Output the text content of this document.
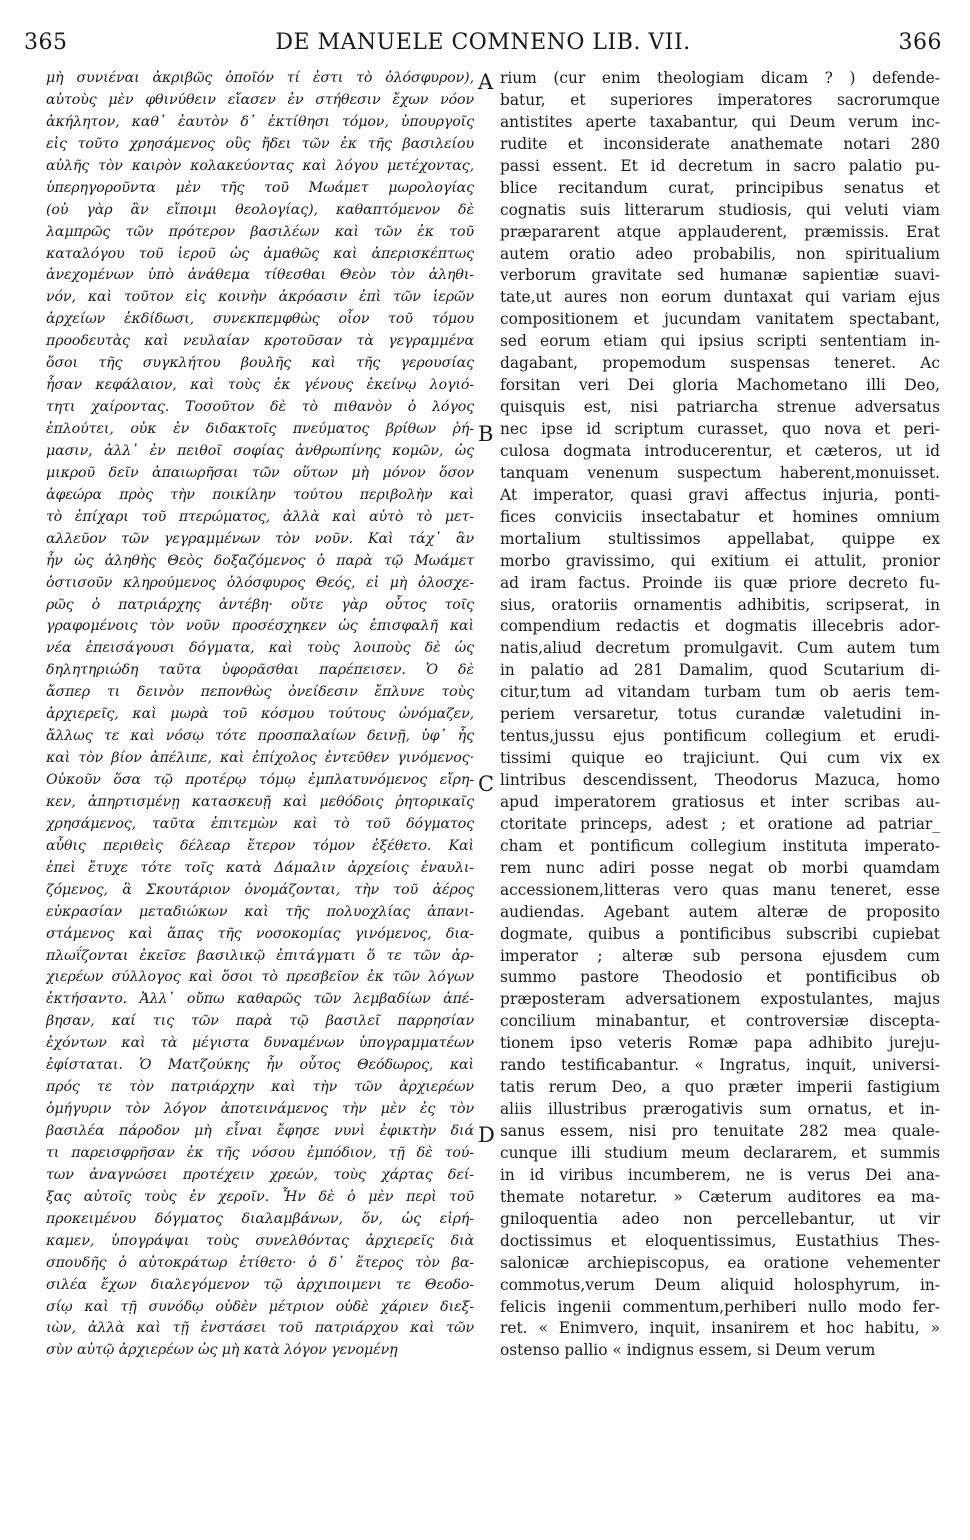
365	DE MANUELE COMNENO LIB. VII.	366
μὴ συνιέναι ἀκριβῶς ὁποῖόν τί ἐστι τὸ ὁλόσφυρον),
αὐτοὺς μὲν φθινύθειν εἴασεν ἐν στήθεσιν ἔχων νόον
ἀκήλητον, καθ᾽ ἑαυτὸν δ᾽ ἐκτίθησι τόμον, ὑπουργοῖς
εἰς τοῦτο χρησάμενος οὓς ἤδει τῶν ἐκ τῆς βασιλείου
αὐλῆς τὸν καιρὸν κολακεύοντας καὶ λόγου μετέχοντας,
ὑπερηγοροῦντα μὲν τῆς τοῦ Μωάμετ μωρολογίας
(οὐ γὰρ ἂν εἴποιμι θεολογίας), καθαπτόμενον δὲ
λαμπρῶς τῶν πρότερον βασιλέων καὶ τῶν ἐκ τοῦ
καταλόγου τοῦ ἱεροῦ ὡς ἀμαθῶς καὶ ἀπερισκέπτως
ἀνεχομένων ὑπὸ ἀνάθεμα τίθεσθαι Θεὸν τὸν ἀληθι-
νόν, καὶ τοῦτον εἰς κοινὴν ἀκρόασιν ἐπὶ τῶν ἱερῶν
ἀρχείων ἐκδίδωσι, συνεκπεμφθὼς οἷον τοῦ τόμου
προοδευτὰς καὶ νευλαίαν κροτοῦσαν τὰ γεγραμμένα
ὅσοι τῆς συγκλήτου βουλῆς καὶ τῆς γερουσίας
ἦσαν κεφάλαιον, καὶ τοὺς ἐκ γένους ἐκείνῳ λογιό-
τητι χαίροντας. Τοσοῦτον δὲ τὸ πιθανὸν ὁ λόγος
ἐπλούτει, οὐκ ἐν διδακτοῖς πνεύματος βρίθων ῥή-
μασιν, ἀλλ᾽ ἐν πειθοῖ σοφίας ἀνθρωπίνης κομῶν, ὡς
μικροῦ δεῖν ἀπαιωρῆσαι τῶν οὕτων μὴ μόνον ὅσον
ἀφεώρα πρὸς τὴν ποικίλην τούτου περιβολὴν καὶ
τὸ ἐπίχαρι τοῦ πτερώματος, ἀλλὰ καὶ αὐτὸ τὸ μετ-
αλλεῦον τῶν γεγραμμένων τὸν νοῦν. Καὶ τάχ᾽ ἂν
ἦν ὡς ἀληθὴς Θεὸς δοξαζόμενος ὁ παρὰ τῷ Μωάμετ
ὁστισοῦν κληρούμενος ὁλόσφυρος Θεός, εἰ μὴ ὁλοσχε-
ρῶς ὁ πατριάρχης ἀντέβη· οὔτε γὰρ οὗτος τοῖς
γραφομένοις τὸν νοῦν προσέσχηκεν ὡς ἐπισφαλῆ καὶ
νέα ἐπεισάγουσι δόγματα, καὶ τοὺς λοιποὺς δὲ ὡς
δηλητηριώδη ταῦτα ὑφορᾶσθαι παρέπεισεν. Ὁ δὲ
ἄσπερ τι δεινὸν πεπονθὼς ὀνείδεσιν ἔπλυνε τοὺς
ἀρχιερεῖς, καὶ μωρὰ τοῦ κόσμου τούτους ὠνόμαζεν,
ἄλλως τε καὶ νόσῳ τότε προσπαλαίων δεινῇ, ὑφ᾽ ἧς
καὶ τὸν βίον ἀπέλιπε, καὶ ἐπίχολος ἐντεῦθεν γινόμενος·
Οὐκοῦν ὅσα τῷ προτέρῳ τόμῳ ἐμπλατυνόμενος εἴρη-
κεν, ἀπηρτισμένῃ κατασκευῇ καὶ μεθόδοις ῥητορικαῖς
χρησάμενος, ταῦτα ἐπιτεμὼν καὶ τὸ τοῦ δόγματος
αὖθις περιθεὶς δέλεαρ ἕτερον τόμον ἐξέθετο. Καὶ
ἐπεὶ ἔτυχε τότε τοῖς κατὰ Δάμαλιν ἀρχείοις ἐναυλι-
ζόμενος, ἃ Σκουτάριον ὀνομάζονται, τὴν τοῦ ἀέρος
εὐκρασίαν μεταδιώκων καὶ τῆς πολυοχλίας ἀπανι-
στάμενος καὶ ἅπας τῆς νοσοκομίας γινόμενος, δια-
πλωΐζονται ἐκεῖσε βασιλικῷ ἐπιτάγματι ὅ τε τῶν ἀρ-
χιερέων σύλλογος καὶ ὅσοι τὸ πρεσβεῖον ἐκ τῶν λόγων
ἐκτήσαντο. Ἀλλ᾽ οὔπω καθαρῶς τῶν λεμβαδίων ἀπέ-
βησαν, καί τις τῶν παρὰ τῷ βασιλεῖ παρρησίαν
ἐχόντων καὶ τὰ μέγιστα δυναμένων ὑπογραμματέων
ἐφίσταται. Ὁ Ματζούκης ἦν οὗτος Θεόδωρος, καὶ
πρός τε τὸν πατριάρχην καὶ τὴν τῶν ἀρχιερέων
ὁμήγυριν τὸν λόγον ἀποτεινάμενος τὴν μὲν ἐς τὸν
βασιλέα πάροδον μὴ εἶναι ἔφησε νυνὶ ἐφικτὴν διά
τι παρεισφρῆσαν ἐκ τῆς νόσου ἐμπόδιον, τῇ δὲ τού-
των ἀναγνώσει προτέχειν χρεών, τοὺς χάρτας δεί-
ξας αὐτοῖς τοὺς ἐν χεροῖν. Ἦν δὲ ὁ μὲν περὶ τοῦ
προκειμένου δόγματος διαλαμβάνων, ὅν, ὡς εἰρή-
καμεν, ὑπογράψαι τοὺς συνελθόντας ἀρχιερεῖς διὰ
σπουδῆς ὁ αὐτοκράτωρ ἐτίθετο· ὁ δ᾽ ἕτερος τὸν βα-
σιλέα ἔχων διαλεγόμενον τῷ ἀρχιποιμενι τε Θεοδο-
σίῳ καὶ τῇ συνόδῳ οὐδὲν μέτριον οὐδὲ χάριεν διεξ-
ιὼν, ἀλλὰ καὶ τῇ ἐνστάσει τοῦ πατριάρχου καὶ τῶν
σὺν αὐτῷ ἀρχιερέων ὡς μὴ κατὰ λόγον γενομένῃ
rium (cur enim theologiam dicam ? ) defende-
batur, et superiores imperatores sacrorumque
antistites aperte taxabantur, qui Deum verum inc-
rudite et inconsiderate anathemate notari 280
passi essent. Et id decretum in sacro palatio pu-
blice recitandum curat, principibus senatus et
cognatis suis litterarum studiosis, qui veluti viam
præpararent atque applauderent, præmissis. Erat
autem oratio adeo probabilis, non spiritualium
verborum gravitate sed humanæ sapientiæ suavi-
tate,ut aures non eorum duntaxat qui variam ejus
compositionem et jucundam vanitatem spectabant,
sed eorum etiam qui ipsius scripti sententiam in-
dagabant, propemodum suspensas teneret. Ac
forsitan veri Dei gloria Machometano illi Deo,
quisquis est, nisi patriarcha strenue adversatus
nec ipse id scriptum curasset, quo nova et peri-
culosa dogmata introducerentur, et cæteros, ut id
tanquam venenum suspectum haberent,monuisset.
At imperator, quasi gravi affectus injuria, ponti-
fices conviciis insectabatur et homines omnium
mortalium stultissimos appellabat, quippe ex
morbo gravissimo, qui exitium ei attulit, pronior
ad iram factus. Proinde iis quæ priore decreto fu-
sius, oratoriis ornamentis adhibitis, scripserat, in
compendium redactis et dogmatis illecebris ador-
natis,aliud decretum promulgavit. Cum autem tum
in palatio ad 281 Damalim, quod Scutarium di-
citur,tum ad vitandam turbam tum ob aeris tem-
periem versaretur, totus curandæ valetudini in-
tentus,jussu ejus pontificum collegium et erudi-
tissimi quique eo trajiciunt. Qui cum vix ex
lintribus descendissent, Theodorus Mazuca, homo
apud imperatorem gratiosus et inter scribas au-
ctoritate princeps, adest ; et oratione ad patriar_
cham et pontificum collegium instituta imperato-
rem nunc adiri posse negat ob morbi quamdam
accessionem,litteras vero quas manu teneret, esse
audiendas. Agebant autem alteræ de proposito
dogmate, quibus a pontificibus subscribi cupiebat
imperator ; alteræ sub persona ejusdem cum
summo pastore Theodosio et pontificibus ob
præposteram adversationem expostulantes, majus
concilium minabantur, et controversiæ discepta-
tionem ipso veteris Romæ papa adhibito jureju-
rando testificabantur. « Ingratus, inquit, universi-
tatis rerum Deo, a quo præter imperii fastigium
aliis illustribus prærogativis sum ornatus, et in-
sanus essem, nisi pro tenuitate 282 mea quale-
cunque illi studium meum declararem, et summis
in id viribus incumberem, ne is verus Dei ana-
thematе notaretur. » Cæterum auditores ea ma-
gniloquentia adeo non percellebantur, ut vir
doctissimus et eloquentissimus, Eustathius Thes-
salonicæ archiepiscopus, ea oratione vehementer
commotus,verum Deum aliquid holosphyrum, in-
felicis ingenii commentum,perhiberi nullo modo fer-
ret. « Enimvero, inquit, insanirem et hoc habitu, »
ostenso pallio « indignus essem, si Deum verum
A
B
C
D
